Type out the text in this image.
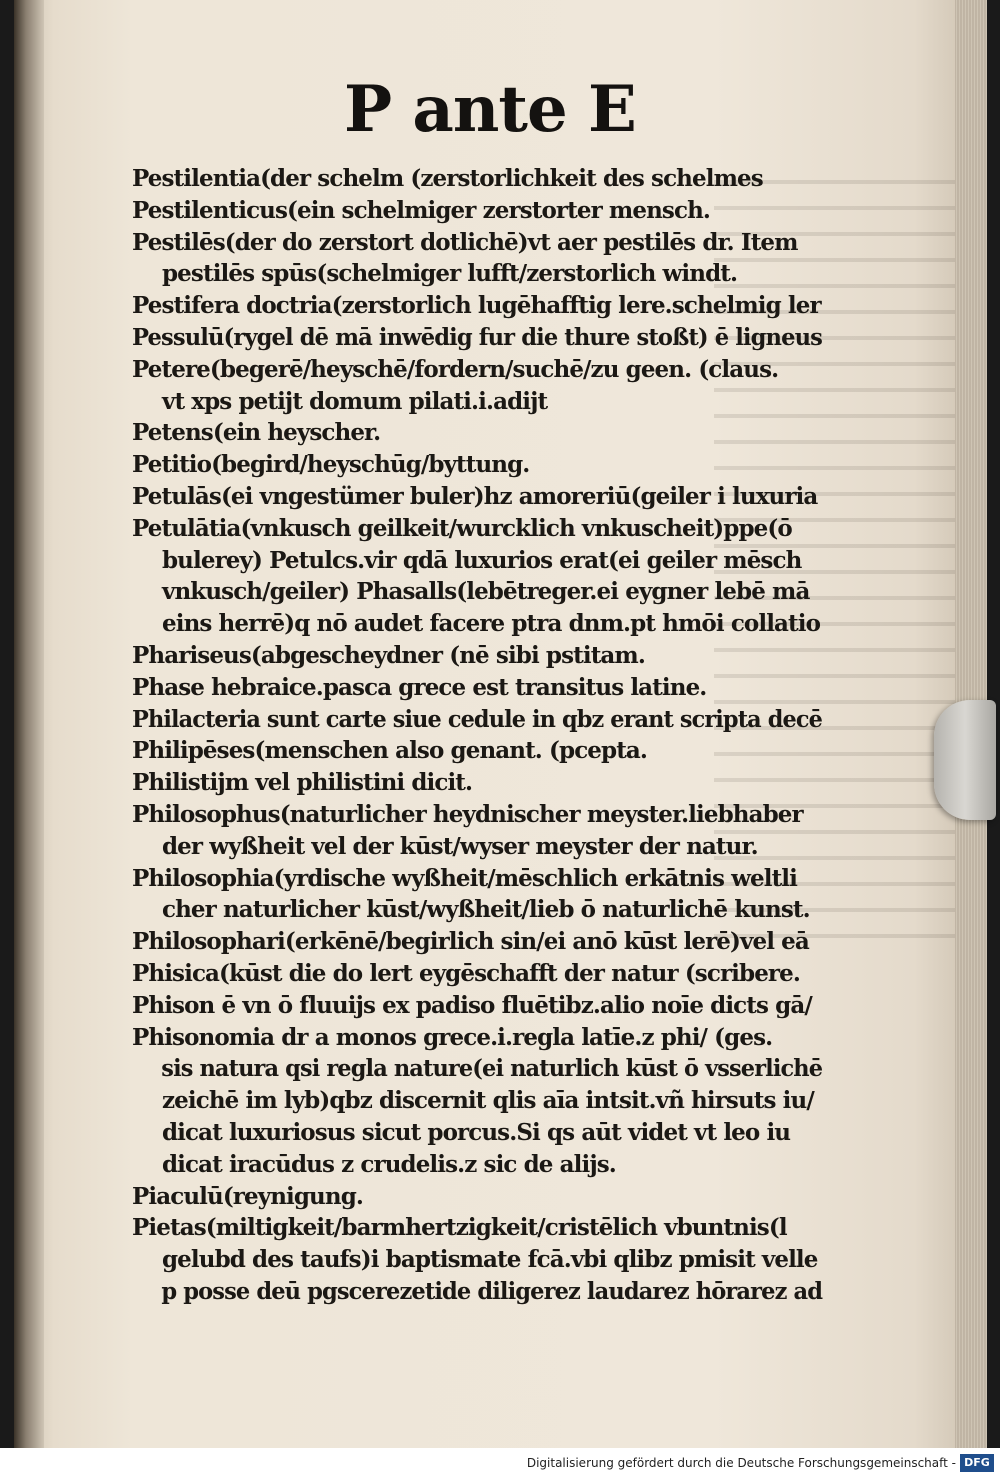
P ante E
Pestilentia(der schelm (zerstorlichkeit des schelmes
Pestilenticus(ein schelmiger zerstorter mensch.
Pestilēs(der do zerstort dotlichē)vt aer pestilēs dr. Item
pestilēs spūs(schelmiger lufft/zerstorlich windt.
Pestifera doctria(zerstorlich lugēhafftig lere.schelmig ler
Pessulū(rygel dē mā inwēdig fur die thure stoßt) ē ligneus
Petere(begerē/heyschē/fordern/suchē/zu geen. (claus.
vt xps petijt domum pilati.i.adijt
Petens(ein heyscher.
Petitio(begird/heyschūg/byttung.
Petulās(ei vngestümer buler)hz amoreriū(geiler i luxuria
Petulātia(vnkusch geilkeit/wurcklich vnkuscheit)ppe(ō
bulerey) Petulcs.vir qdā luxurios erat(ei geiler mēsch
vnkusch/geiler) Phasalls(lebētreger.ei eygner lebē mā
eins herrē)q nō audet facere ptra dnm.pt hmōi collatio
Phariseus(abgescheydner (nē sibi pstitam.
Phase hebraice.pasca grece est transitus latine.
Philacteria sunt carte siue cedule in qbz erant scripta decē
Philipēses(menschen also genant. (pcepta.
Philistijm vel philistini dicit.
Philosophus(naturlicher heydnischer meyster.liebhaber
der wyßheit vel der kūst/wyser meyster der natur.
Philosophia(yrdische wyßheit/mēschlich erkātnis weltli
cher naturlicher kūst/wyßheit/lieb ō naturlichē kunst.
Philosophari(erkēnē/begirlich sin/ei anō kūst lerē)vel eā
Phisica(kūst die do lert eygēschafft der natur (scribere.
Phison ē vn ō fluuijs ex padiso fluētibz.alio noīe dicts gā/
Phisonomia dr a monos grece.i.regla latīe.z phi/ (ges.
sis natura qsi regla nature(ei naturlich kūst ō vsserlichē
zeichē im lyb)qbz discernit qlis aīa intsit.vñ hirsuts iu/
dicat luxuriosus sicut porcus.Si qs aūt videt vt leo iu
dicat iracūdus z crudelis.z sic de alijs.
Piaculū(reynigung.
Pietas(miltigkeit/barmhertzigkeit/cristēlich vbuntnis(l
gelubd des taufs)i baptismate fcā.vbi qlibz pmisit velle
p posse deū pgscerezetide diligerez laudarez hōrarez ad
Digitalisierung gefördert durch die Deutsche Forschungsgemeinschaft - DFG
